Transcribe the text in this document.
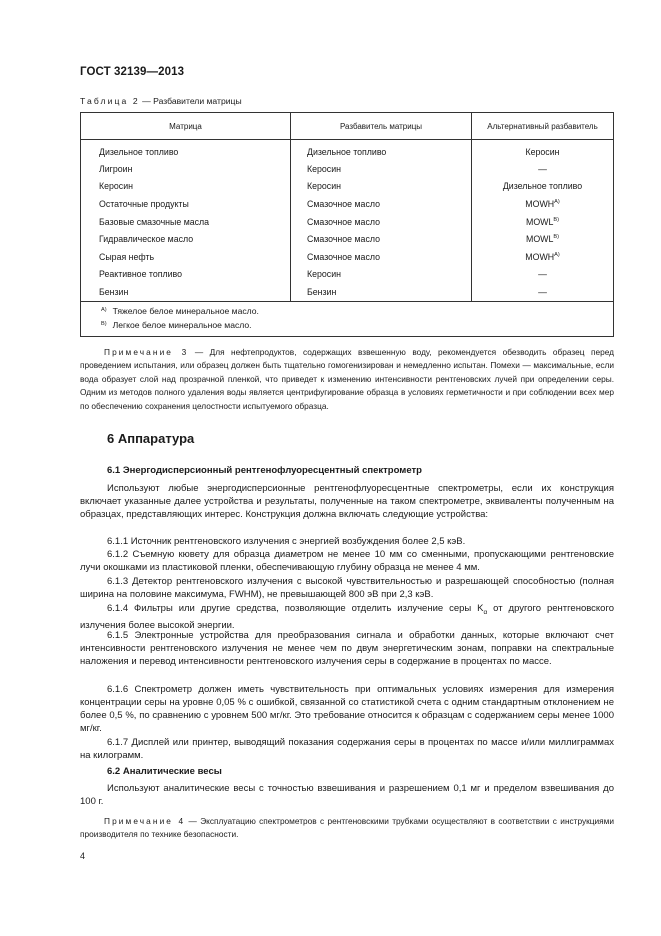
ГОСТ 32139—2013
Таблица 2 — Разбавители матрицы
Матрица	Разбавитель матрицы	Альтернативный разбавитель
Дизельное топливо	Дизельное топливо	Керосин
Лигроин	Керосин	—
Керосин	Керосин	Дизельное топливо
Остаточные продукты	Смазочное масло	$MOWH^{A)}$
Базовые смазочные масла	Смазочное масло	$MOWL^{B)}$
Гидравлическое масло	Смазочное масло	$MOWL^{B)}$
Сырая нефть	Смазочное масло	$MOWH^{A)}$
Реактивное топливо	Керосин	—
Бензин	Бензин	—

$^{A)}$ Тяжелое белое минеральное масло.
$^{B)}$ Легкое белое минеральное масло.		

Примечание 3 — Для нефтепродуктов, содержащих взвешенную воду, рекомендуется обезводить образец перед проведением испытания, или образец должен быть тщательно гомогенизирован и немедленно испытан. Помехи — максимальные, если вода образует слой над прозрачной пленкой, что приведет к изменению интенсивности рентгеновских лучей при определении серы. Одним из методов полного удаления воды является центрифугирование образца в условиях герметичности и при соблюдении всех мер по обеспечению сохранения целостности испытуемого образца.

6 Аппаратура
6.1 Энергодисперсионный рентгенофлуоресцентный спектрометр

Используют любые энергодисперсионные рентгенофлуоресцентные спектрометры, если их конструкция включает указанные далее устройства и результаты, полученные на таком спектрометре, эквиваленты полученным на образцах, представляющих интерес. Конструкция должна включать следующие устройства:

6.1.1 Источник рентгеновского излучения с энергией возбуждения более 2,5 кэВ.

6.1.2 Съемную кювету для образца диаметром не менее 10 мм со сменными, пропускающими рентгеновские лучи окошками из пластиковой пленки, обеспечивающую глубину образца не менее 4 мм.

6.1.3 Детектор рентгеновского излучения с высокой чувствительностью и разрешающей способностью (полная ширина на половине максимума, FWHM), не превышающей 800 эВ при 2,3 кэВ.

6.1.4 Фильтры или другие средства, позволяющие отделить излучение серы $K_\alpha$ от другого рентгеновского излучения более высокой энергии.

6.1.5 Электронные устройства для преобразования сигнала и обработки данных, которые включают счет интенсивности рентгеновского излучения не менее чем по двум энергетическим зонам, поправки на спектральные наложения и перевод интенсивности рентгеновского излучения серы в содержание в процентах по массе.

6.1.6 Спектрометр должен иметь чувствительность при оптимальных условиях измерения для измерения концентрации серы на уровне 0,05 % с ошибкой, связанной со статистикой счета с одним стандартным отклонением не более 0,5 %, по сравнению с уровнем 500 мг/кг. Это требование относится к образцам с содержанием серы менее 1000 мг/кг.

6.1.7 Дисплей или принтер, выводящий показания содержания серы в процентах по массе и/или миллиграммах на килограмм.

6.2 Аналитические весы

Используют аналитические весы с точностью взвешивания и разрешением 0,1 мг и пределом взвешивания до 100 г.

Примечание 4 — Эксплуатацию спектрометров с рентгеновскими трубками осуществляют в соответствии с инструкциями производителя по технике безопасности.

4
